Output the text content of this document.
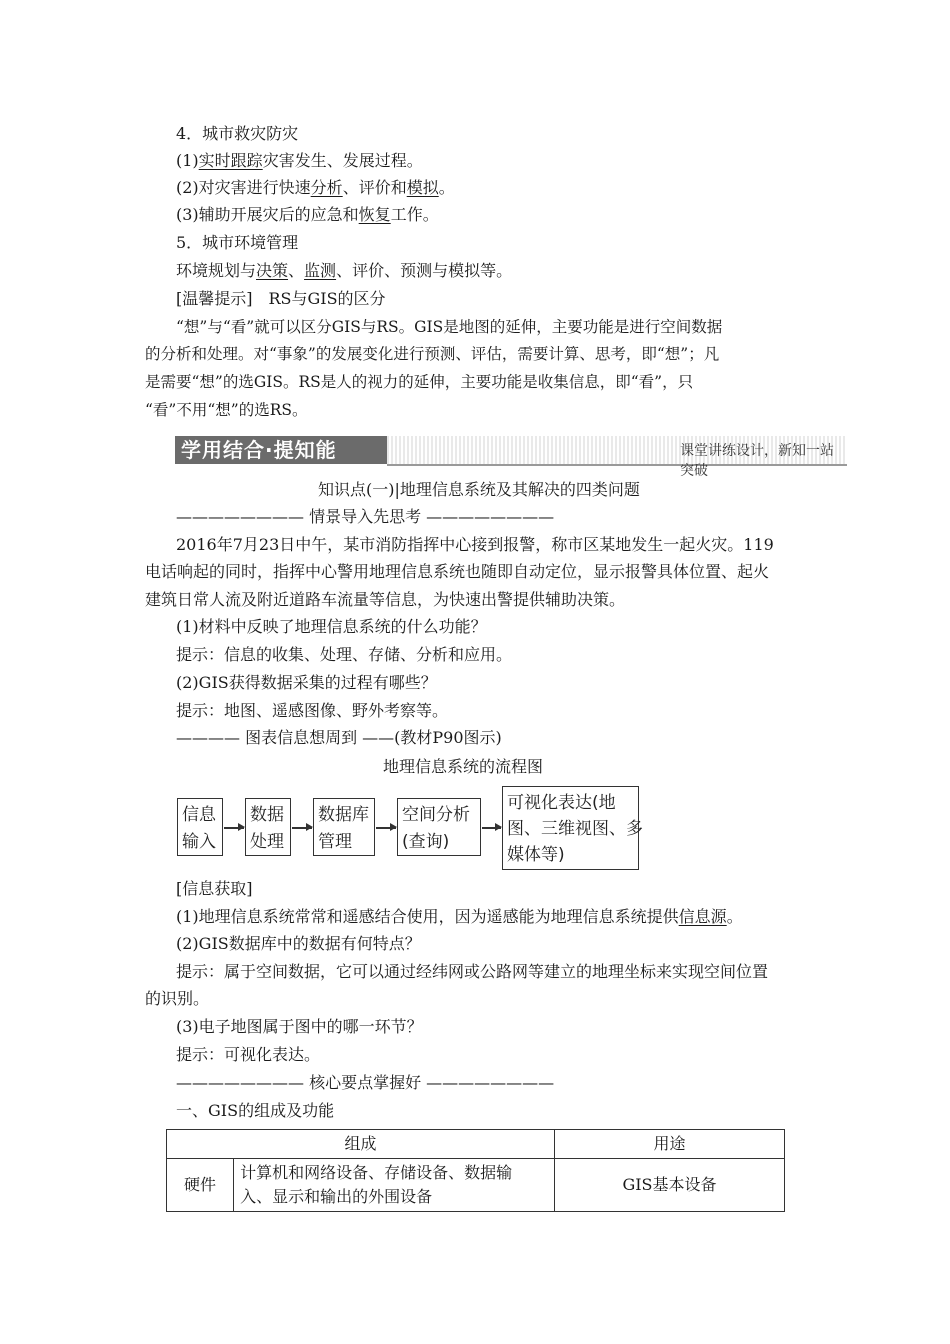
4．城市救灾防灾
(1)实时跟踪灾害发生、发展过程。
(2)对灾害进行快速分析、评价和模拟。
(3)辅助开展灾后的应急和恢复工作。
5．城市环境管理
环境规划与决策、监测、评价、预测与模拟等。
[温馨提示]　RS与GIS的区分
“想”与“看”就可以区分GIS与RS。GIS是地图的延伸，主要功能是进行空间数据
的分析和处理。对“事象”的发展变化进行预测、评估，需要计算、思考，即“想”；凡
是需要“想”的选GIS。RS是人的视力的延伸，主要功能是收集信息，即“看”，只
“看”不用“想”的选RS。
学用结合·提知能	课堂讲练设计，新知一站突破
知识点(一)|地理信息系统及其解决的四类问题
———————— 情景导入先思考 ————————
2016年7月23日中午，某市消防指挥中心接到报警，称市区某地发生一起火灾。119
电话响起的同时，指挥中心警用地理信息系统也随即自动定位，显示报警具体位置、起火
建筑日常人流及附近道路车流量等信息，为快速出警提供辅助决策。
(1)材料中反映了地理信息系统的什么功能？
提示：信息的收集、处理、存储、分析和应用。
(2)GIS获得数据采集的过程有哪些？
提示：地图、遥感图像、野外考察等。
———— 图表信息想周到 ——(教材P90图示)
地理信息系统的流程图
信息
输入
数据
处理
数据库
管理
空间分析
(查询)
可视化表达(地
图、三维视图、多
媒体等)
[信息获取]
(1)地理信息系统常常和遥感结合使用，因为遥感能为地理信息系统提供信息源。
(2)GIS数据库中的数据有何特点？
提示：属于空间数据，它可以通过经纬网或公路网等建立的地理坐标来实现空间位置
的识别。
(3)电子地图属于图中的哪一环节？
提示：可视化表达。
———————— 核心要点掌握好 ————————
一、GIS的组成及功能
组成		用途
硬件	计算机和网络设备、存储设备、数据输
入、显示和输出的外围设备	GIS基本设备
